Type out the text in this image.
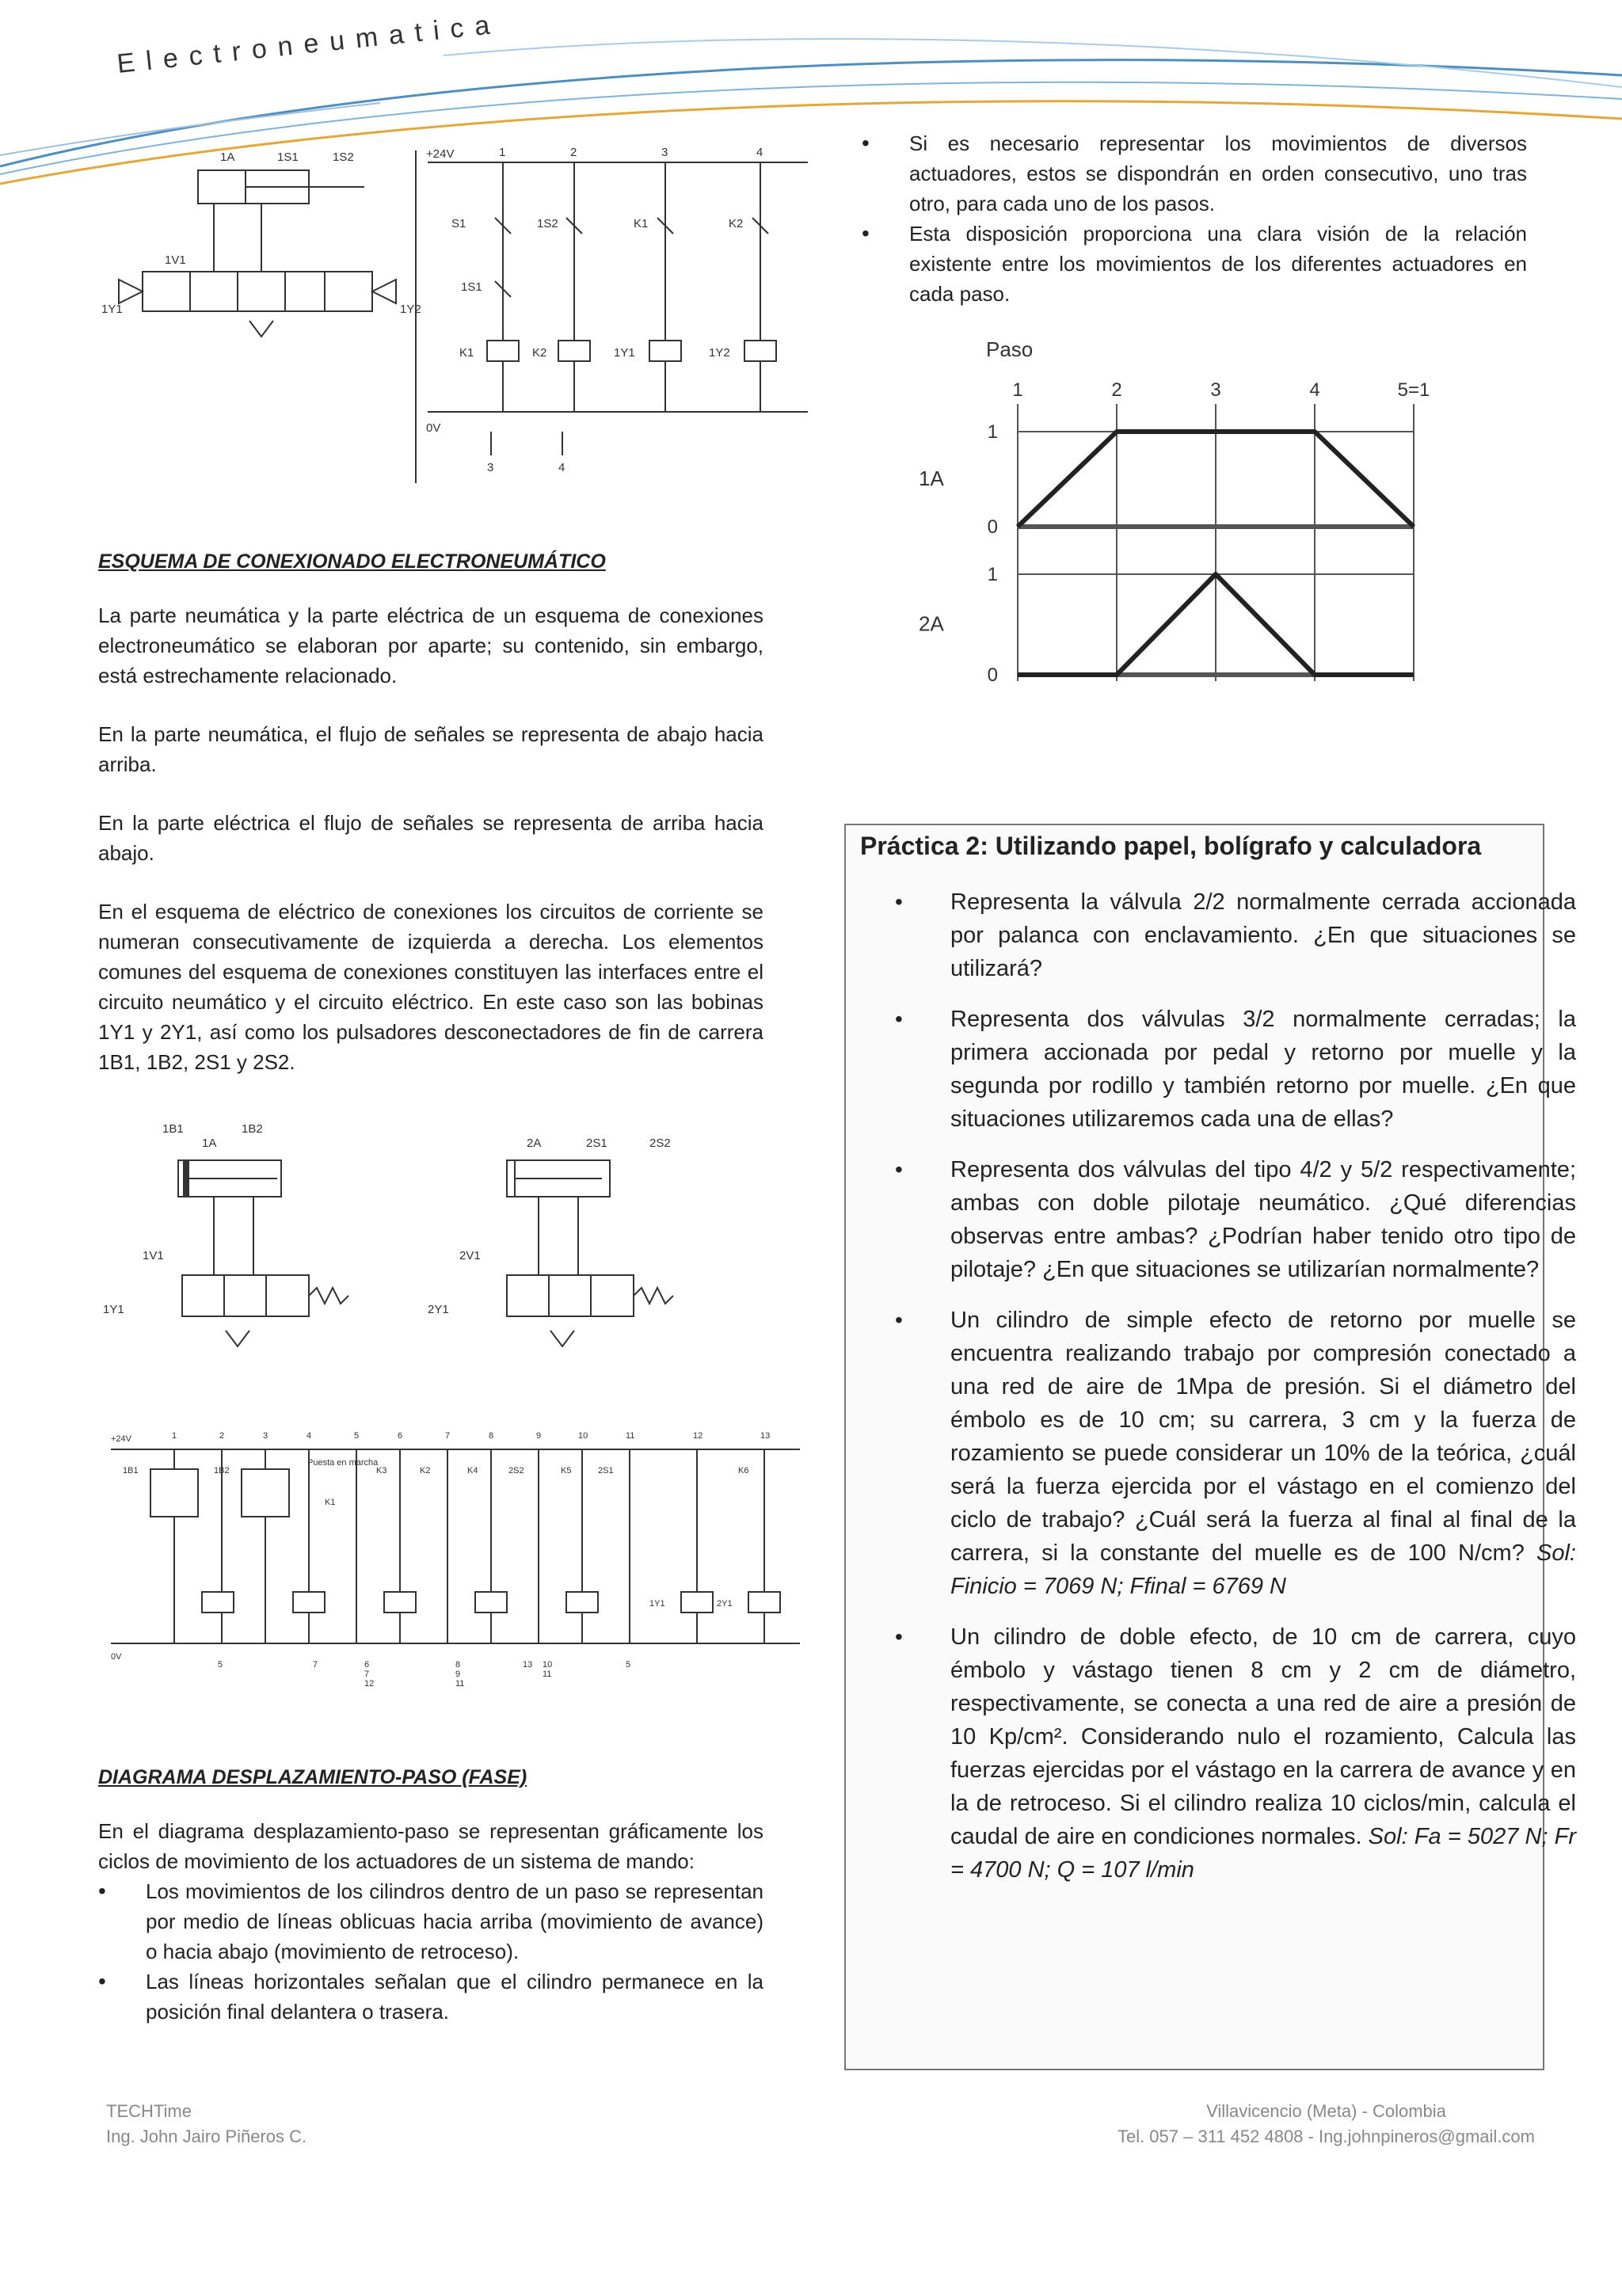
Electroneumatica
1A	1S1	1S2
1V1
1Y1	1Y2
+24V
0V
S1	1S2	K1	K2
1S1
K1	K2	1Y1	1Y2
1	2	3	4
3	4
ESQUEMA DE CONEXIONADO ELECTRONEUMÁTICO
La parte neumática y la parte eléctrica de un esquema de conexiones electroneumático se elaboran por aparte; su contenido, sin embargo, está estrechamente relacionado.
En la parte neumática, el flujo de señales se representa de abajo hacia arriba.
En la parte eléctrica el flujo de señales se representa de arriba hacia abajo.
En el esquema de eléctrico de conexiones los circuitos de corriente se numeran consecutivamente de izquierda a derecha. Los elementos comunes del esquema de conexiones constituyen las interfaces entre el circuito neumático y el circuito eléctrico. En este caso son las bobinas 1Y1 y 2Y1, así como los pulsadores desconectadores de fin de carrera 1B1, 1B2, 2S1 y 2S2.
1B1
1A
1B2
1V1
1Y1
2A	2S1	2S2
2V1
2Y1
+24V
0V
1B1	1B2
Puesta en marcha
K1
K2
K3	K4	K5	K6
2S2	2S1
1Y1	2Y1
1	2	3	4	5	6	7	8	9	10	11	12	13
5	7	6
7
12
8
9
11
13 10
11
5
DIAGRAMA DESPLAZAMIENTO-PASO (FASE)
En el diagrama desplazamiento-paso se representan gráficamente los ciclos de movimiento de los actuadores de un sistema de mando:
• Los movimientos de los cilindros dentro de un paso se representan por medio de líneas oblicuas hacia arriba (movimiento de avance) o hacia abajo (movimiento de retroceso).
• Las líneas horizontales señalan que el cilindro permanece en la posición final delantera o trasera.
• Si es necesario representar los movimientos de diversos actuadores, estos se dispondrán en orden consecutivo, uno tras otro, para cada uno de los pasos.
• Esta disposición proporciona una clara visión de la relación existente entre los movimientos de los diferentes actuadores en cada paso.
Paso
1	2	3	4	5=1
1
0
1A
1
0
2A
Práctica 2: Utilizando papel, bolígrafo y calculadora
• Representa la válvula 2/2 normalmente cerrada accionada por palanca con enclavamiento. ¿En que situaciones se utilizará?
• Representa dos válvulas 3/2 normalmente cerradas; la primera accionada por pedal y retorno por muelle y la segunda por rodillo y también retorno por muelle. ¿En que situaciones utilizaremos cada una de ellas?
• Representa dos válvulas del tipo 4/2 y 5/2 respectivamente; ambas con doble pilotaje neumático. ¿Qué diferencias observas entre ambas? ¿Podrían haber tenido otro tipo de pilotaje? ¿En que situaciones se utilizarían normalmente?
• Un cilindro de simple efecto de retorno por muelle se encuentra realizando trabajo por compresión conectado a una red de aire de 1Mpa de presión. Si el diámetro del émbolo es de 10 cm; su carrera, 3 cm y la fuerza de rozamiento se puede considerar un 10% de la teórica, ¿cuál será la fuerza ejercida por el vástago en el comienzo del ciclo de trabajo? ¿Cuál será la fuerza al final al final de la carrera, si la constante del muelle es de 100 N/cm? Sol: Finicio = 7069 N; Ffinal = 6769 N
• Un cilindro de doble efecto, de 10 cm de carrera, cuyo émbolo y vástago tienen 8 cm y 2 cm de diámetro, respectivamente, se conecta a una red de aire a presión de 10 Kp/cm². Considerando nulo el rozamiento, Calcula las fuerzas ejercidas por el vástago en la carrera de avance y en la de retroceso. Si el cilindro realiza 10 ciclos/min, calcula el caudal de aire en condiciones normales. Sol: Fa = 5027 N; Fr = 4700 N; Q = 107 l/min
TECHTime
Ing. John Jairo Piñeros C.
Villavicencio (Meta) - Colombia
Tel. 057 – 311 452 4808 - Ing.johnpineros@gmail.com
